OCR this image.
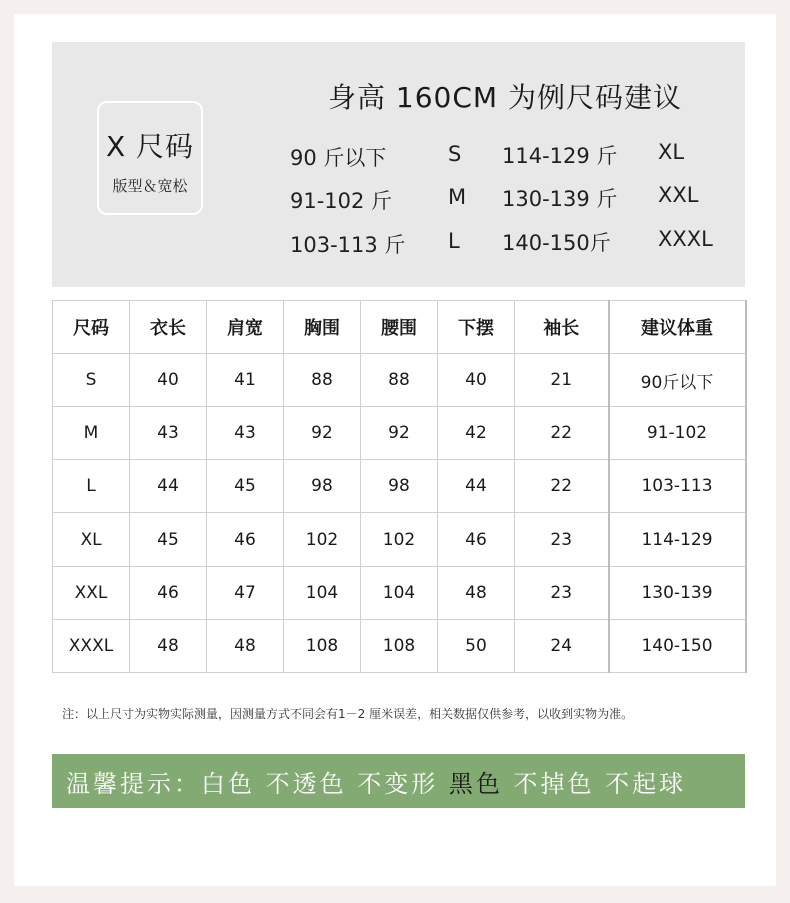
X 尺码
版型＆宽松
身高 160CM 为例尺码建议
90 斤以下	S
91-102 斤	M
103-113 斤 L
114-129 斤 XL
130-139 斤 XXL
140-150斤 XXXL
尺码	衣长	肩宽	胸围	腰围	下摆	袖长	建议体重
S	40	41	88	88	40	21	90斤以下
M	43	43	92	92	42	22	91-102
L	44	45	98	98	44	22	103-113
XL	45	46	102	102	46	23	114-129
XXL	46	47	104	104	48	23	130-139
XXXL	48	48	108	108	50	24	140-150
注：以上尺寸为实物实际测量，因测量方式不同会有1－2 厘米误差，相关数据仅供参考，以收到实物为准。
温馨提示：白色 不透色 不变形 黑色 不掉色 不起球
